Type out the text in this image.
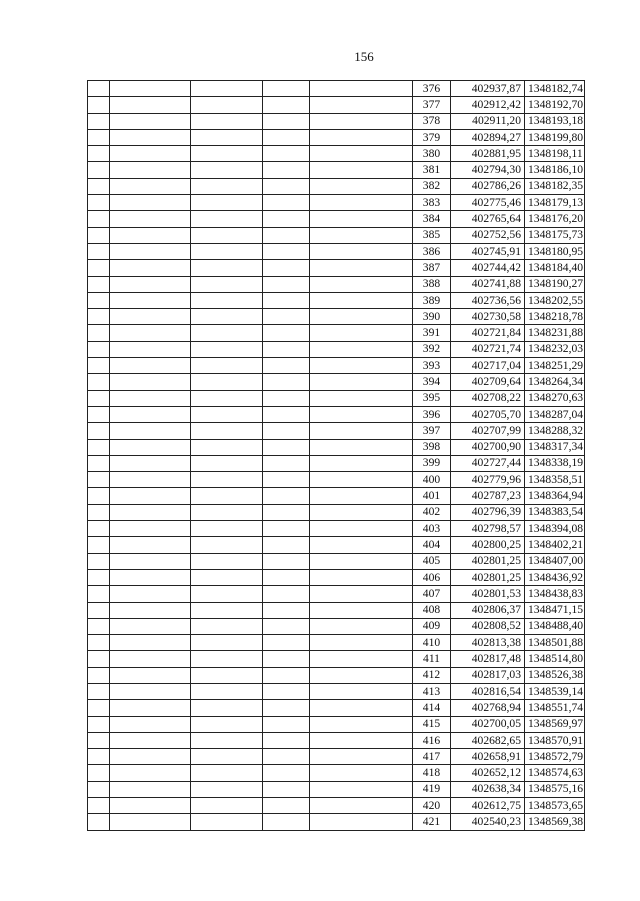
156
					376	402937,87	1348182,74
					377	402912,42	1348192,70
					378	402911,20	1348193,18
					379	402894,27	1348199,80
					380	402881,95	1348198,11
					381	402794,30	1348186,10
					382	402786,26	1348182,35
					383	402775,46	1348179,13
					384	402765,64	1348176,20
					385	402752,56	1348175,73
					386	402745,91	1348180,95
					387	402744,42	1348184,40
					388	402741,88	1348190,27
					389	402736,56	1348202,55
					390	402730,58	1348218,78
					391	402721,84	1348231,88
					392	402721,74	1348232,03
					393	402717,04	1348251,29
					394	402709,64	1348264,34
					395	402708,22	1348270,63
					396	402705,70	1348287,04
					397	402707,99	1348288,32
					398	402700,90	1348317,34
					399	402727,44	1348338,19
					400	402779,96	1348358,51
					401	402787,23	1348364,94
					402	402796,39	1348383,54
					403	402798,57	1348394,08
					404	402800,25	1348402,21
					405	402801,25	1348407,00
					406	402801,25	1348436,92
					407	402801,53	1348438,83
					408	402806,37	1348471,15
					409	402808,52	1348488,40
					410	402813,38	1348501,88
					411	402817,48	1348514,80
					412	402817,03	1348526,38
					413	402816,54	1348539,14
					414	402768,94	1348551,74
					415	402700,05	1348569,97
					416	402682,65	1348570,91
					417	402658,91	1348572,79
					418	402652,12	1348574,63
					419	402638,34	1348575,16
					420	402612,75	1348573,65
					421	402540,23	1348569,38
